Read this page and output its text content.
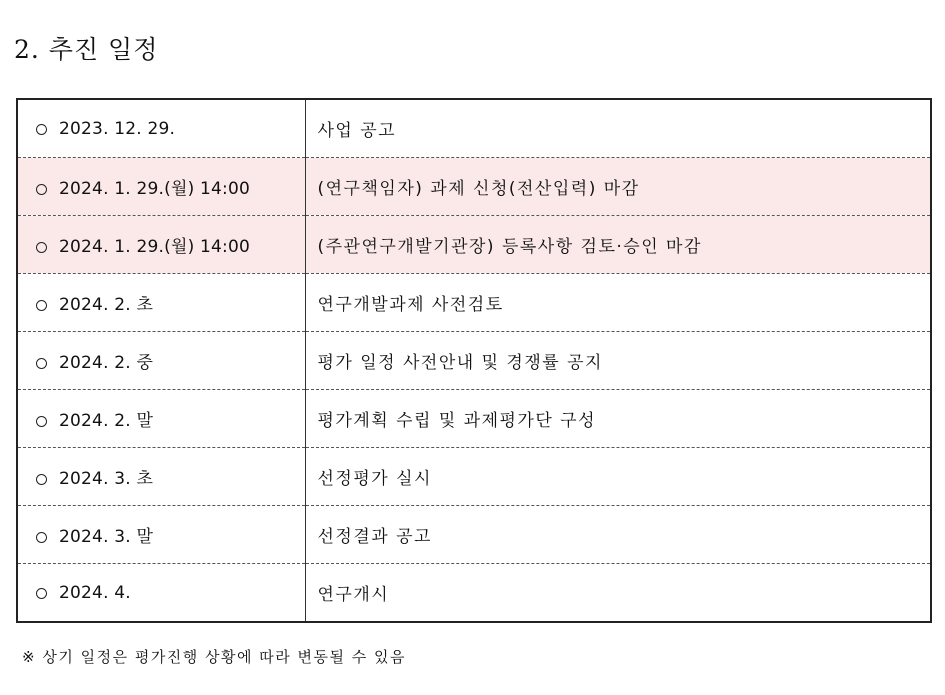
2. 추진 일정
2023. 12. 29.	사업 공고
2024. 1. 29.(월) 14:00	(연구책임자) 과제 신청(전산입력) 마감
2024. 1. 29.(월) 14:00	(주관연구개발기관장) 등록사항 검토·승인 마감
2024. 2. 초	연구개발과제 사전검토
2024. 2. 중	평가 일정 사전안내 및 경쟁률 공지
2024. 2. 말	평가계획 수립 및 과제평가단 구성
2024. 3. 초	선정평가 실시
2024. 3. 말	선정결과 공고
2024. 4.	연구개시

※ 상기 일정은 평가진행 상황에 따라 변동될 수 있음
